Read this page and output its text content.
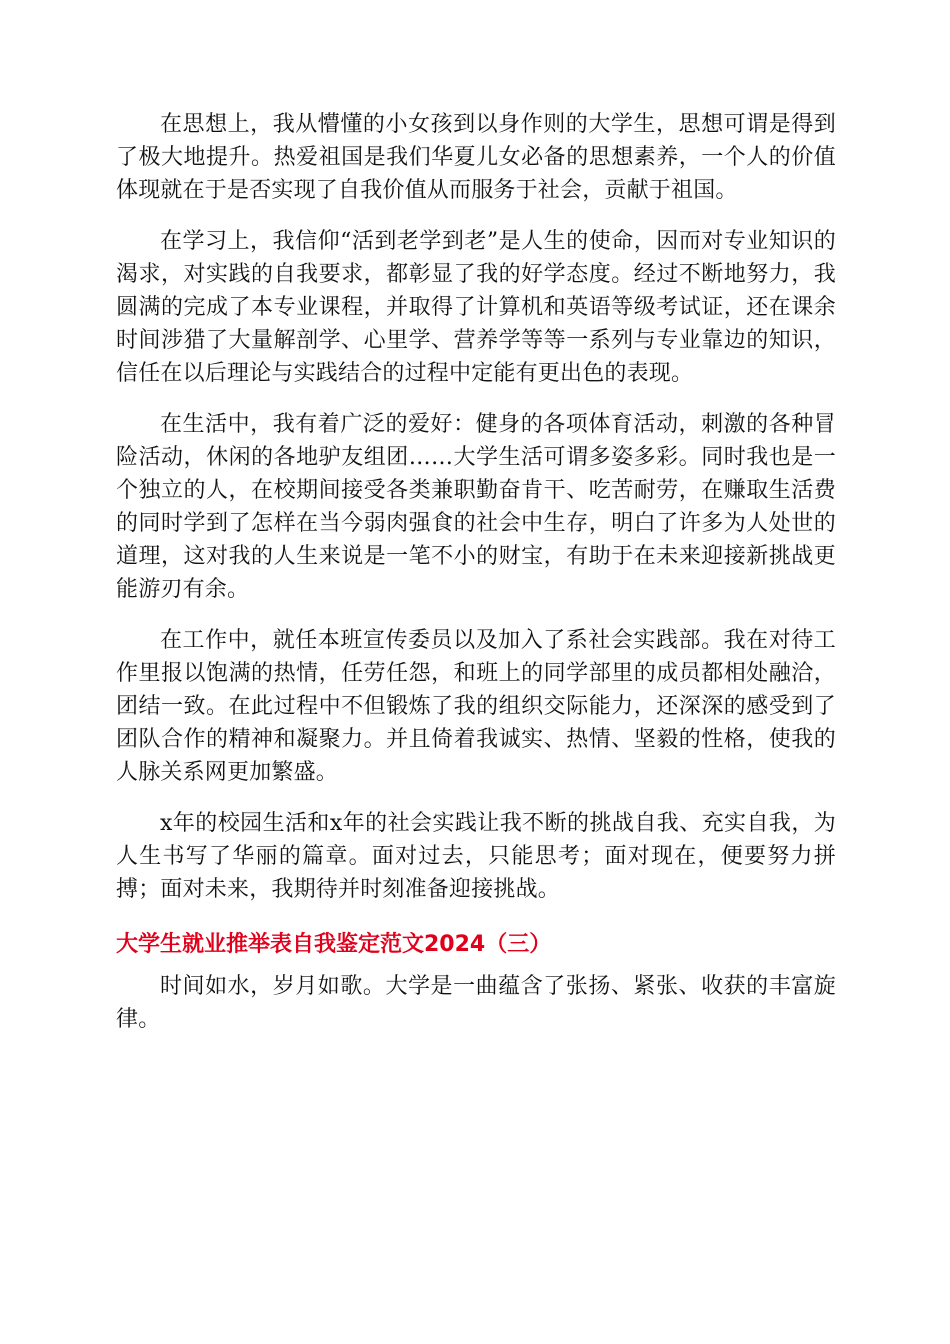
在思想上，我从懵懂的小女孩到以身作则的大学生，思想可谓是得到了极大地提升。热爱祖国是我们华夏儿女必备的思想素养，一个人的价值体现就在于是否实现了自我价值从而服务于社会，贡献于祖国。

在学习上，我信仰“活到老学到老”是人生的使命，因而对专业知识的渴求，对实践的自我要求，都彰显了我的好学态度。经过不断地努力，我圆满的完成了本专业课程，并取得了计算机和英语等级考试证，还在课余时间涉猎了大量解剖学、心里学、营养学等等一系列与专业靠边的知识，信任在以后理论与实践结合的过程中定能有更出色的表现。

在生活中，我有着广泛的爱好：健身的各项体育活动，刺激的各种冒险活动，休闲的各地驴友组团……大学生活可谓多姿多彩。同时我也是一个独立的人，在校期间接受各类兼职勤奋肯干、吃苦耐劳，在赚取生活费的同时学到了怎样在当今弱肉强食的社会中生存，明白了许多为人处世的道理，这对我的人生来说是一笔不小的财宝，有助于在未来迎接新挑战更能游刃有余。

在工作中，就任本班宣传委员以及加入了系社会实践部。我在对待工作里报以饱满的热情，任劳任怨，和班上的同学部里的成员都相处融洽，团结一致。在此过程中不但锻炼了我的组织交际能力，还深深的感受到了团队合作的精神和凝聚力。并且倚着我诚实、热情、坚毅的性格，使我的人脉关系网更加繁盛。

x年的校园生活和x年的社会实践让我不断的挑战自我、充实自我，为人生书写了华丽的篇章。面对过去，只能思考；面对现在，便要努力拼搏；面对未来，我期待并时刻准备迎接挑战。

大学生就业推举表自我鉴定范文2024（三）

时间如水，岁月如歌。大学是一曲蕴含了张扬、紧张、收获的丰富旋律。
